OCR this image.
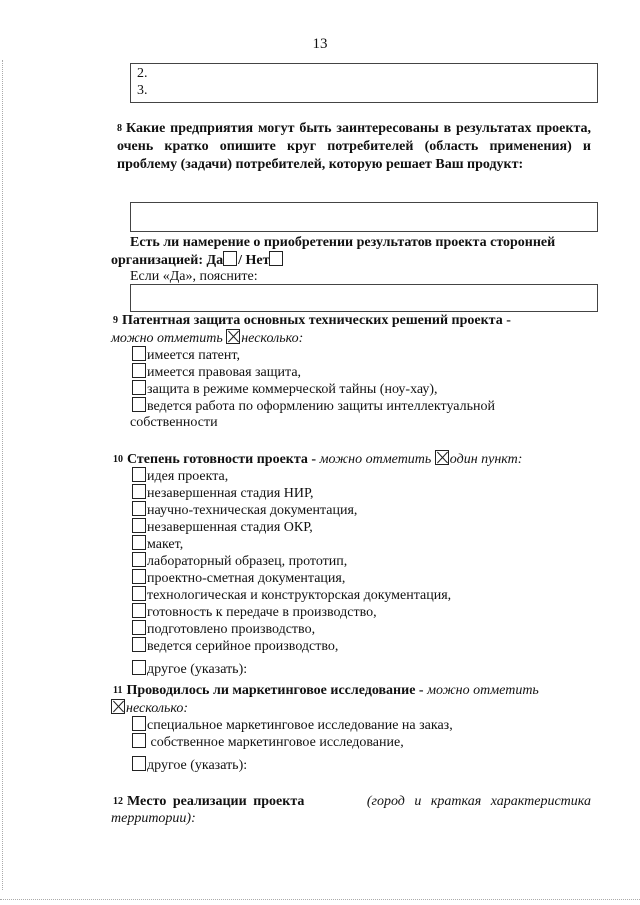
13
2.
3.
8 Какие предприятия могут быть заинтересованы в результатах проекта, очень кратко опишите круг потребителей (область применения) и проблему (задачи) потребителей, которую решает Ваш продукт:
Есть ли намерение о приобретении результатов проекта сторонней
организацией: Да / Нет
Если «Да», поясните:
9 Патентная защита основных технических решений проекта -
можно отметить несколько:
имеется патент,
имеется правовая защита,
защита в режиме коммерческой тайны (ноу-хау),
ведется работа по оформлению защиты интеллектуальной
собственности
10 Степень готовности проекта - можно отметить один пункт:
идея проекта,
незавершенная стадия НИР,
научно-техническая документация,
незавершенная стадия ОКР,
макет,
лабораторный образец, прототип,
проектно-сметная документация,
технологическая и конструкторская документация,
готовность к передаче в производство,
подготовлено производство,
ведется серийное производство,
другое (указать):
11 Проводилось ли маркетинговое исследование - можно отметить
несколько:
специальное маркетинговое исследование на заказ,
собственное маркетинговое исследование,
другое (указать):
12 Место реализации проекта	(город и краткая характеристика
территории):
